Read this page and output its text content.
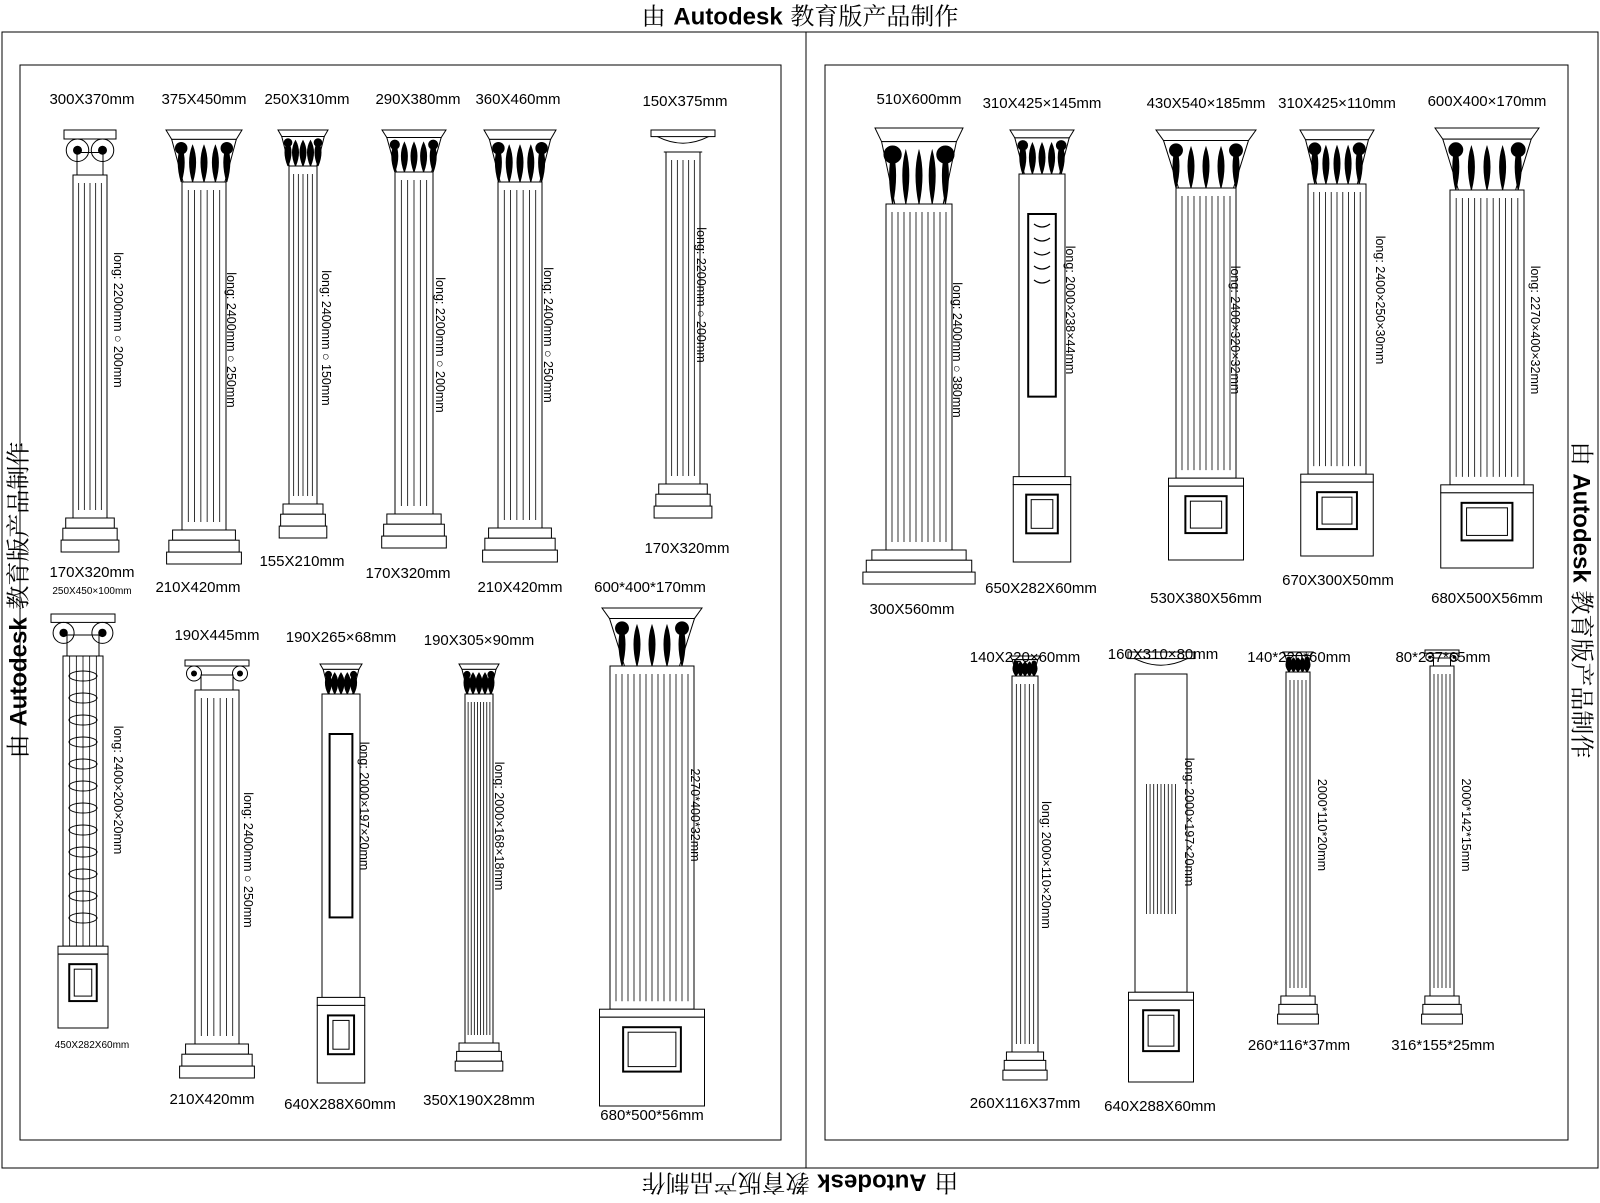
由 Autodesk 教育版产品制作
由 Autodesk 教育版产品制作
由 Autodesk 教育版产品制作	由 Autodesk 教育版产品制作
300X370mm
170X320mm
long: 2200mm ○ 200mm
375X450mm
210X420mm
long: 2400mm ○ 250mm
250X310mm
155X210mm
long: 2400mm ○ 150mm
290X380mm
170X320mm
long: 2200mm ○ 200mm
360X460mm
210X420mm
long: 2400mm ○ 250mm
150X375mm
170X320mm
long: 2200mm ○ 200mm
250X450×100mm
450X282X60mm
long: 2400×200×20mm
190X445mm
210X420mm
long: 2400mm ○ 250mm
190X265×68mm
640X288X60mm
long: 2000×197×20mm
190X305×90mm
350X190X28mm
long: 2000×168×18mm
600*400*170mm
680*500*56mm
2270*400*32mm
510X600mm
300X560mm
long: 2400mm ○ 380mm
310X425×145mm
650X282X60mm
long: 2000×238×44mm
430X540×185mm
530X380X56mm
long: 2400×320×32mm
310X425×110mm
670X300X50mm
long: 2400×250×30mm
600X400×170mm
680X500X56mm
long: 2270×400×32mm
140X220×60mm
260X116X37mm
long: 2000×110×20mm
160X310×80mm
640X288X60mm
long: 2000×197×20mm
140*220*60mm
260*116*37mm
2000*110*20mm
80*237*65mm
316*155*25mm
2000*142*15mm
